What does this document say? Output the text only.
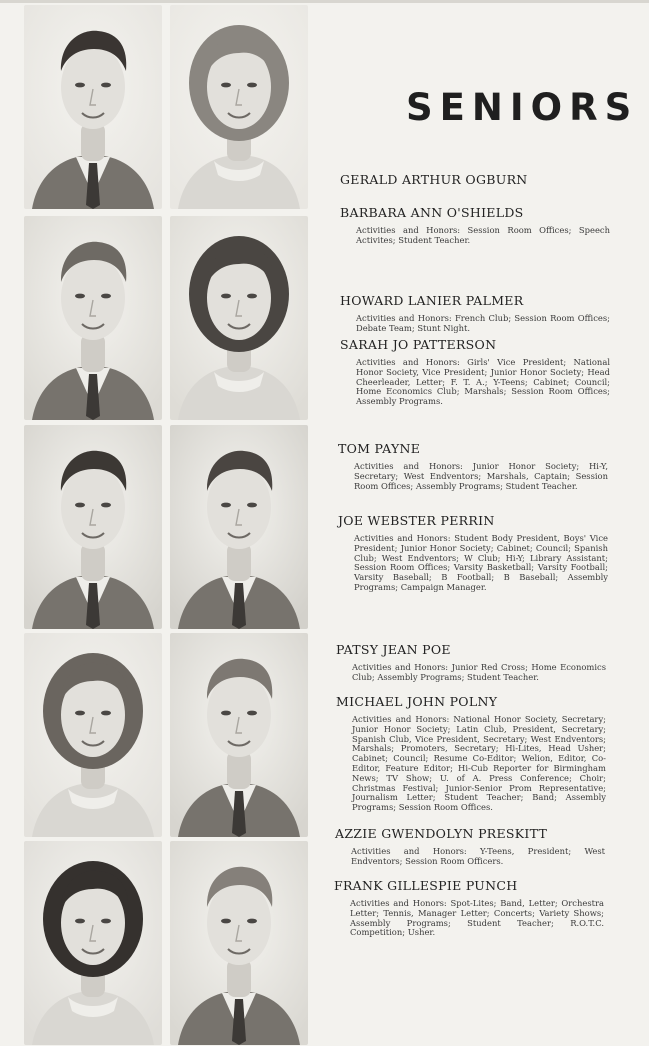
SENIORS
GERALD ARTHUR OGBURN
BARBARA ANN O'SHIELDS
Activities and Honors: Session Room Offices; Speech Activites; Student Teacher.
HOWARD LANIER PALMER
Activities and Honors: French Club; Session Room Offices; Debate Team; Stunt Night.
SARAH JO PATTERSON
Activities and Honors: Girls' Vice President; National Honor Society, Vice President; Junior Honor Society; Head Cheerleader, Letter; F. T. A.; Y-Teens; Cabinet; Council; Home Economics Club; Marshals; Session Room Offices; Assembly Programs.
TOM PAYNE
Activities and Honors: Junior Honor Society; Hi-Y, Secretary; West Endventors; Marshals, Captain; Session Room Offices; Assembly Programs; Student Teacher.
JOE WEBSTER PERRIN
Activities and Honors: Student Body President, Boys' Vice President; Junior Honor Society; Cabinet; Council; Spanish Club; West Endventors; W Club; Hi-Y; Library Assistant; Session Room Offices; Varsity Basketball; Varsity Football; Varsity Baseball; B Football; B Baseball; Assembly Programs; Campaign Manager.
PATSY JEAN POE
Activities and Honors: Junior Red Cross; Home Economics Club; Assembly Programs; Student Teacher.
MICHAEL JOHN POLNY
Activities and Honors: National Honor Society, Secretary; Junior Honor Society; Latin Club, President, Secretary; Spanish Club, Vice President, Secretary; West Endventors; Marshals; Promoters, Secretary; Hi-Lites, Head Usher; Cabinet; Council; Resume Co-Editor; Welion, Editor, Co-Editor, Feature Editor; Hi-Cub Reporter for Birmingham News; TV Show; U. of A. Press Conference; Choir; Christmas Festival; Junior-Senior Prom Representative; Journalism Letter; Student Teacher; Band; Assembly Programs; Session Room Offices.
AZZIE GWENDOLYN PRESKITT
Activities and Honors: Y-Teens, President; West Endventors; Session Room Officers.
FRANK GILLESPIE PUNCH
Activities and Honors: Spot-Lites; Band, Letter; Orchestra Letter; Tennis, Manager Letter; Concerts; Variety Shows; Assembly Programs; Student Teacher; R.O.T.C. Competition; Usher.
